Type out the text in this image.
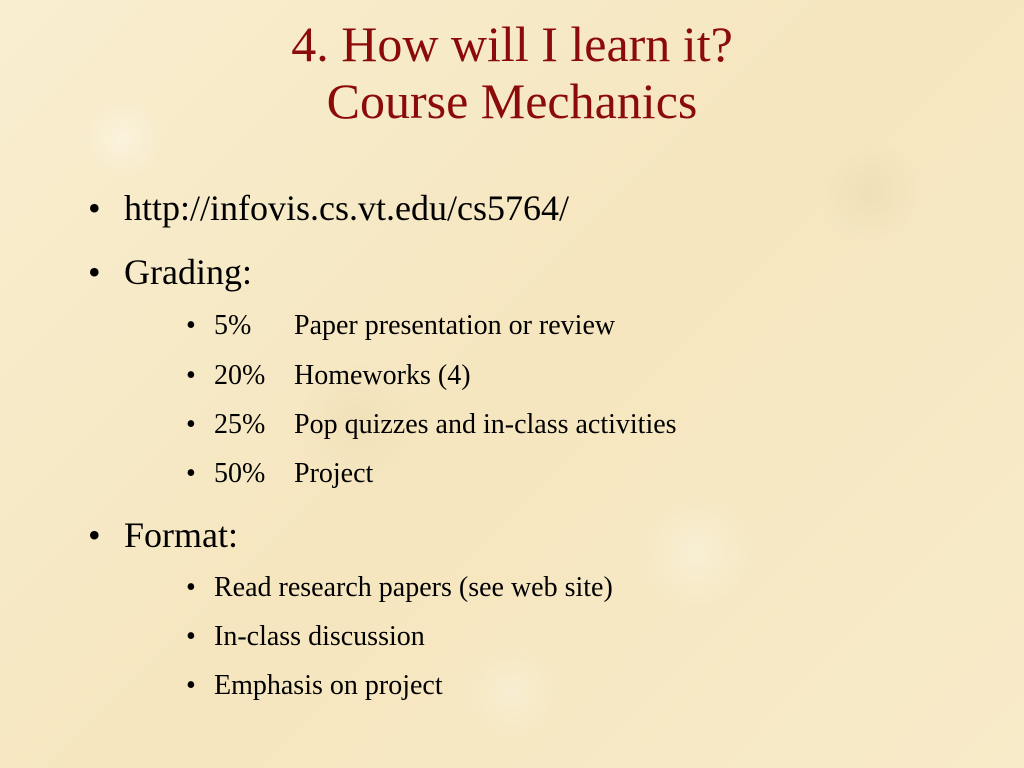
4. How will I learn it?
Course Mechanics
• http://infovis.cs.vt.edu/cs5764/
• Grading:
• 5% Paper presentation or review
• 20% Homeworks (4)
• 25% Pop quizzes and in-class activities
• 50% Project
• Format:
• Read research papers (see web site)
• In-class discussion
• Emphasis on project
